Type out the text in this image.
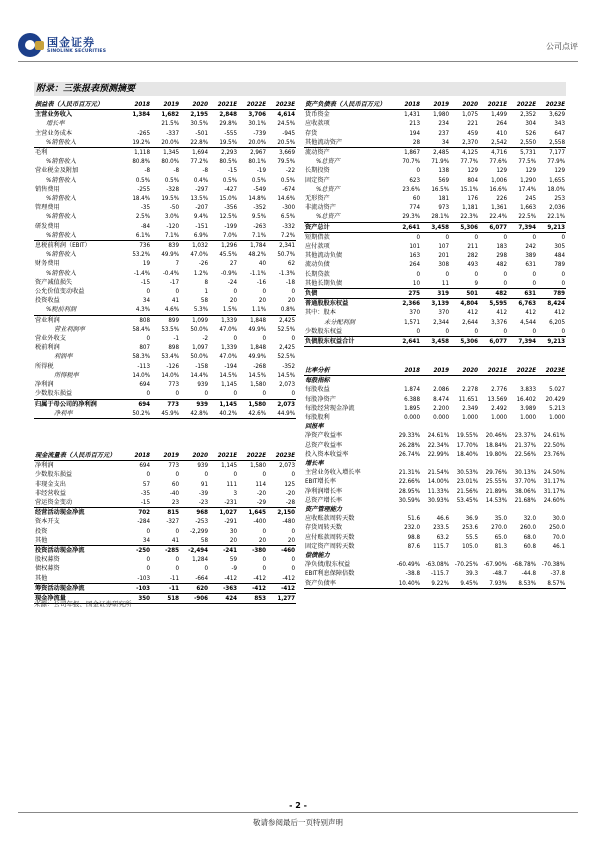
国金证券
SINOLINK SECURITIES
公司点评
附录：三张报表预测摘要
损益表（人民币百万元）	2018	2019	2020	2021E	2022E	2023E
主营业务收入	1,384	1,682	2,195	2,848	3,706	4,614
增长率		21.5%	30.5%	29.8%	30.1%	24.5%
主营业务成本	-265	-337	-501	-555	-739	-945
%销售收入	19.2%	20.0%	22.8%	19.5%	20.0%	20.5%
毛利	1,118	1,345	1,694	2,293	2,967	3,669
%销售收入	80.8%	80.0%	77.2%	80.5%	80.1%	79.5%
营业税金及附加	-8	-8	-8	-15	-19	-22
%销售收入	0.5%	0.5%	0.4%	0.5%	0.5%	0.5%
销售费用	-255	-328	-297	-427	-549	-674
%销售收入	18.4%	19.5%	13.5%	15.0%	14.8%	14.6%
管理费用	-35	-50	-207	-356	-352	-300
%销售收入	2.5%	3.0%	9.4%	12.5%	9.5%	6.5%
研发费用	-84	-120	-151	-199	-263	-332
%销售收入	6.1%	7.1%	6.9%	7.0%	7.1%	7.2%
息税前利润（EBIT）	736	839	1,032	1,296	1,784	2,341
%销售收入	53.2%	49.9%	47.0%	45.5%	48.2%	50.7%
财务费用	19	7	-26	27	40	62
%销售收入	-1.4%	-0.4%	1.2%	-0.9%	-1.1%	-1.3%
资产减值损失	-15	-17	8	-24	-16	-18
公允价值变动收益	0	0	1	0	0	0
投资收益	34	41	58	20	20	20
%税前利润	4.3%	4.6%	5.3%	1.5%	1.1%	0.8%
营业利润	808	899	1,099	1,339	1,848	2,425
营业利润率	58.4%	53.5%	50.0%	47.0%	49.9%	52.5%
营业外收支	0	-1	-2	0	0	0
税前利润	807	898	1,097	1,339	1,848	2,425
利润率	58.3%	53.4%	50.0%	47.0%	49.9%	52.5%
所得税	-113	-126	-158	-194	-268	-352
所得税率	14.0%	14.0%	14.4%	14.5%	14.5%	14.5%
净利润	694	773	939	1,145	1,580	2,073
少数股东损益	0	0	0	0	0	0
归属于母公司的净利润	694	773	939	1,145	1,580	2,073
净利率	50.2%	45.9%	42.8%	40.2%	42.6%	44.9%
资产负债表（人民币百万元）	2018	2019	2020	2021E	2022E	2023E
货币资金	1,431	1,980	1,075	1,499	2,352	3,629
应收款项	213	234	221	264	304	343
存货	194	237	459	410	526	647
其他流动资产	28	34	2,370	2,542	2,550	2,558
流动资产	1,867	2,485	4,125	4,716	5,731	7,177
%总资产	70.7%	71.9%	77.7%	77.6%	77.5%	77.9%
长期投资	0	138	129	129	129	129
固定资产	623	569	804	1,006	1,290	1,655
%总资产	23.6%	16.5%	15.1%	16.6%	17.4%	18.0%
无形资产	60	181	176	226	245	253
非流动资产	774	973	1,181	1,361	1,663	2,036
%总资产	29.3%	28.1%	22.3%	22.4%	22.5%	22.1%
资产总计	2,641	3,458	5,306	6,077	7,394	9,213
短期借款	0	0	0	0	0	0
应付款项	101	107	211	183	242	305
其他流动负债	163	201	282	298	389	484
流动负债	264	308	493	482	631	789
长期贷款	0	0	0	0	0	0
其他长期负债	10	11	9	0	0	0
负债	275	319	501	482	631	789
普通股股东权益	2,366	3,139	4,804	5,595	6,763	8,424
其中：股本	370	370	412	412	412	412
未分配利润	1,571	2,344	2,644	3,376	4,544	6,205
少数股东权益	0	0	0	0	0	0
负债股东权益合计	2,641	3,458	5,306	6,077	7,394	9,213
比率分析	2018	2019	2020	2021E	2022E	2023E
每股指标						
每股收益	1.874	2.086	2.278	2.776	3.833	5.027
每股净资产	6.388	8.474	11.651	13.569	16.402	20.429
每股经营现金净流	1.895	2.200	2.349	2.492	3.989	5.213
每股股利	0.000	0.000	1.000	1.000	1.000	1.000
回报率						
净资产收益率	29.33%	24.61%	19.55%	20.46%	23.37%	24.61%
总资产收益率	26.28%	22.34%	17.70%	18.84%	21.37%	22.50%
投入资本收益率	26.74%	22.99%	18.40%	19.80%	22.56%	23.76%
增长率						
主营业务收入增长率	21.31%	21.54%	30.53%	29.76%	30.13%	24.50%
EBIT增长率	22.66%	14.00%	23.01%	25.55%	37.70%	31.17%
净利润增长率	28.95%	11.33%	21.56%	21.89%	38.06%	31.17%
总资产增长率	30.59%	30.93%	53.45%	14.53%	21.68%	24.60%
资产管理能力						
应收账款周转天数	51.6	46.6	36.9	35.0	32.0	30.0
存货周转天数	232.0	233.5	253.6	270.0	260.0	250.0
应付账款周转天数	98.8	63.2	55.5	65.0	68.0	70.0
固定资产周转天数	87.6	115.7	105.0	81.3	60.8	46.1
偿债能力						
净负债/股东权益	-60.49%	-63.08%	-70.25%	-67.90%	-68.78%	-70.38%
EBIT利息保障倍数	-38.8	-115.7	39.3	-48.7	-44.8	-37.8
资产负债率	10.40%	9.22%	9.45%	7.93%	8.53%	8.57%
现金流量表（人民币百万元）	2018	2019	2020	2021E	2022E	2023E
净利润	694	773	939	1,145	1,580	2,073
少数股东损益	0	0	0	0	0	0
非现金支出	57	60	91	111	114	125
非经营收益	-35	-40	-39	3	-20	-20
营运资金变动	-15	23	-23	-231	-29	-28
经营活动现金净流	702	815	968	1,027	1,645	2,150
资本开支	-284	-327	-253	-291	-400	-480
投资	0	0	-2,299	30	0	0
其他	34	41	58	20	20	20
投资活动现金净流	-250	-285	-2,494	-241	-380	-460
股权募资	0	0	1,284	59	0	0
债权募资	0	0	0	-9	0	0
其他	-103	-11	-664	-412	-412	-412
筹资活动现金净流	-103	-11	620	-363	-412	-412
现金净流量	350	518	-906	424	853	1,277
来源：公司年报、国金证券研究所
- 2 -
敬请参阅最后一页特别声明
